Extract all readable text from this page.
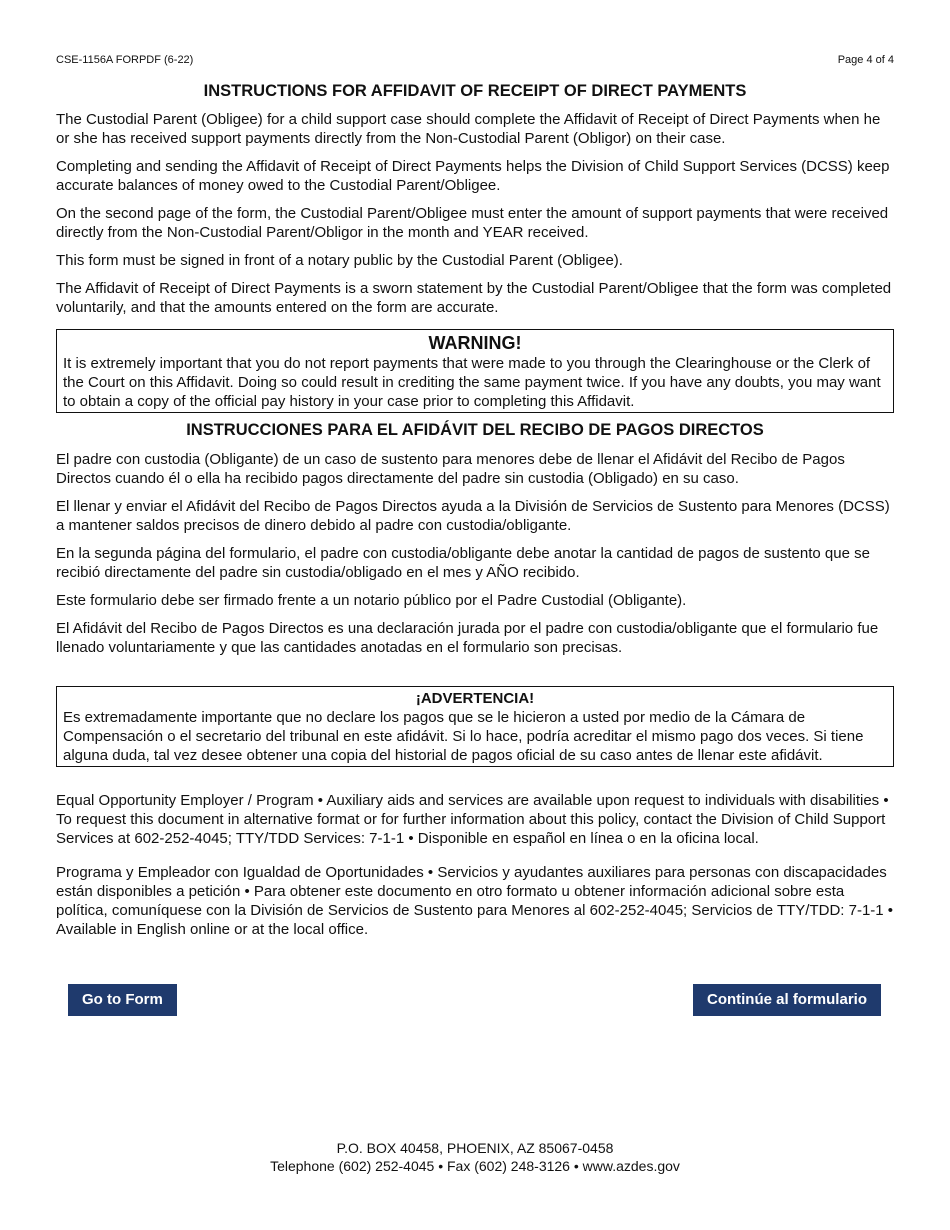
CSE-1156A FORPDF (6-22)	Page 4 of 4
INSTRUCTIONS FOR AFFIDAVIT OF RECEIPT OF DIRECT PAYMENTS

The Custodial Parent (Obligee) for a child support case should complete the Affidavit of Receipt of Direct Payments when he or she has received support payments directly from the Non-Custodial Parent (Obligor) on their case.

Completing and sending the Affidavit of Receipt of Direct Payments helps the Division of Child Support Services (DCSS) keep accurate balances of money owed to the Custodial Parent/Obligee.

On the second page of the form, the Custodial Parent/Obligee must enter the amount of support payments that were received directly from the Non-Custodial Parent/Obligor in the month and YEAR received.

This form must be signed in front of a notary public by the Custodial Parent (Obligee).

The Affidavit of Receipt of Direct Payments is a sworn statement by the Custodial Parent/Obligee that the form was completed voluntarily, and that the amounts entered on the form are accurate.

WARNING!

It is extremely important that you do not report payments that were made to you through the Clearinghouse or the Clerk of the Court on this Affidavit. Doing so could result in crediting the same payment twice. If you have any doubts, you may want to obtain a copy of the official pay history in your case prior to completing this Affidavit.

INSTRUCCIONES PARA EL AFIDÁVIT DEL RECIBO DE PAGOS DIRECTOS

El padre con custodia (Obligante) de un caso de sustento para menores debe de llenar el Afidávit del Recibo de Pagos Directos cuando él o ella ha recibido pagos directamente del padre sin custodia (Obligado) en su caso.

El llenar y enviar el Afidávit del Recibo de Pagos Directos ayuda a la División de Servicios de Sustento para Menores (DCSS) a mantener saldos precisos de dinero debido al padre con custodia/obligante.

En la segunda página del formulario, el padre con custodia/obligante debe anotar la cantidad de pagos de sustento que se recibió directamente del padre sin custodia/obligado en el mes y AÑO recibido.

Este formulario debe ser firmado frente a un notario público por el Padre Custodial (Obligante).

El Afidávit del Recibo de Pagos Directos es una declaración jurada por el padre con custodia/obligante que el formulario fue llenado voluntariamente y que las cantidades anotadas en el formulario son precisas.

¡ADVERTENCIA!

Es extremadamente importante que no declare los pagos que se le hicieron a usted por medio de la Cámara de Compensación o el secretario del tribunal en este afidávit. Si lo hace, podría acreditar el mismo pago dos veces. Si tiene alguna duda, tal vez desee obtener una copia del historial de pagos oficial de su caso antes de llenar este afidávit.

Equal Opportunity Employer / Program • Auxiliary aids and services are available upon request to individuals with disabilities • To request this document in alternative format or for further information about this policy, contact the Division of Child Support Services at 602-252-4045; TTY/TDD Services: 7-1-1 • Disponible en español en línea o en la oficina local.

Programa y Empleador con Igualdad de Oportunidades • Servicios y ayudantes auxiliares para personas con discapacidades están disponibles a petición • Para obtener este documento en otro formato u obtener información adicional sobre esta política, comuníquese con la División de Servicios de Sustento para Menores al 602-252-4045; Servicios de TTY/TDD: 7-1-1 • Available in English online or at the local office.

Go to Form	Continúe al formulario
P.O. BOX 40458, PHOENIX, AZ 85067-0458
Telephone (602) 252-4045 • Fax (602) 248-3126 • www.azdes.gov
